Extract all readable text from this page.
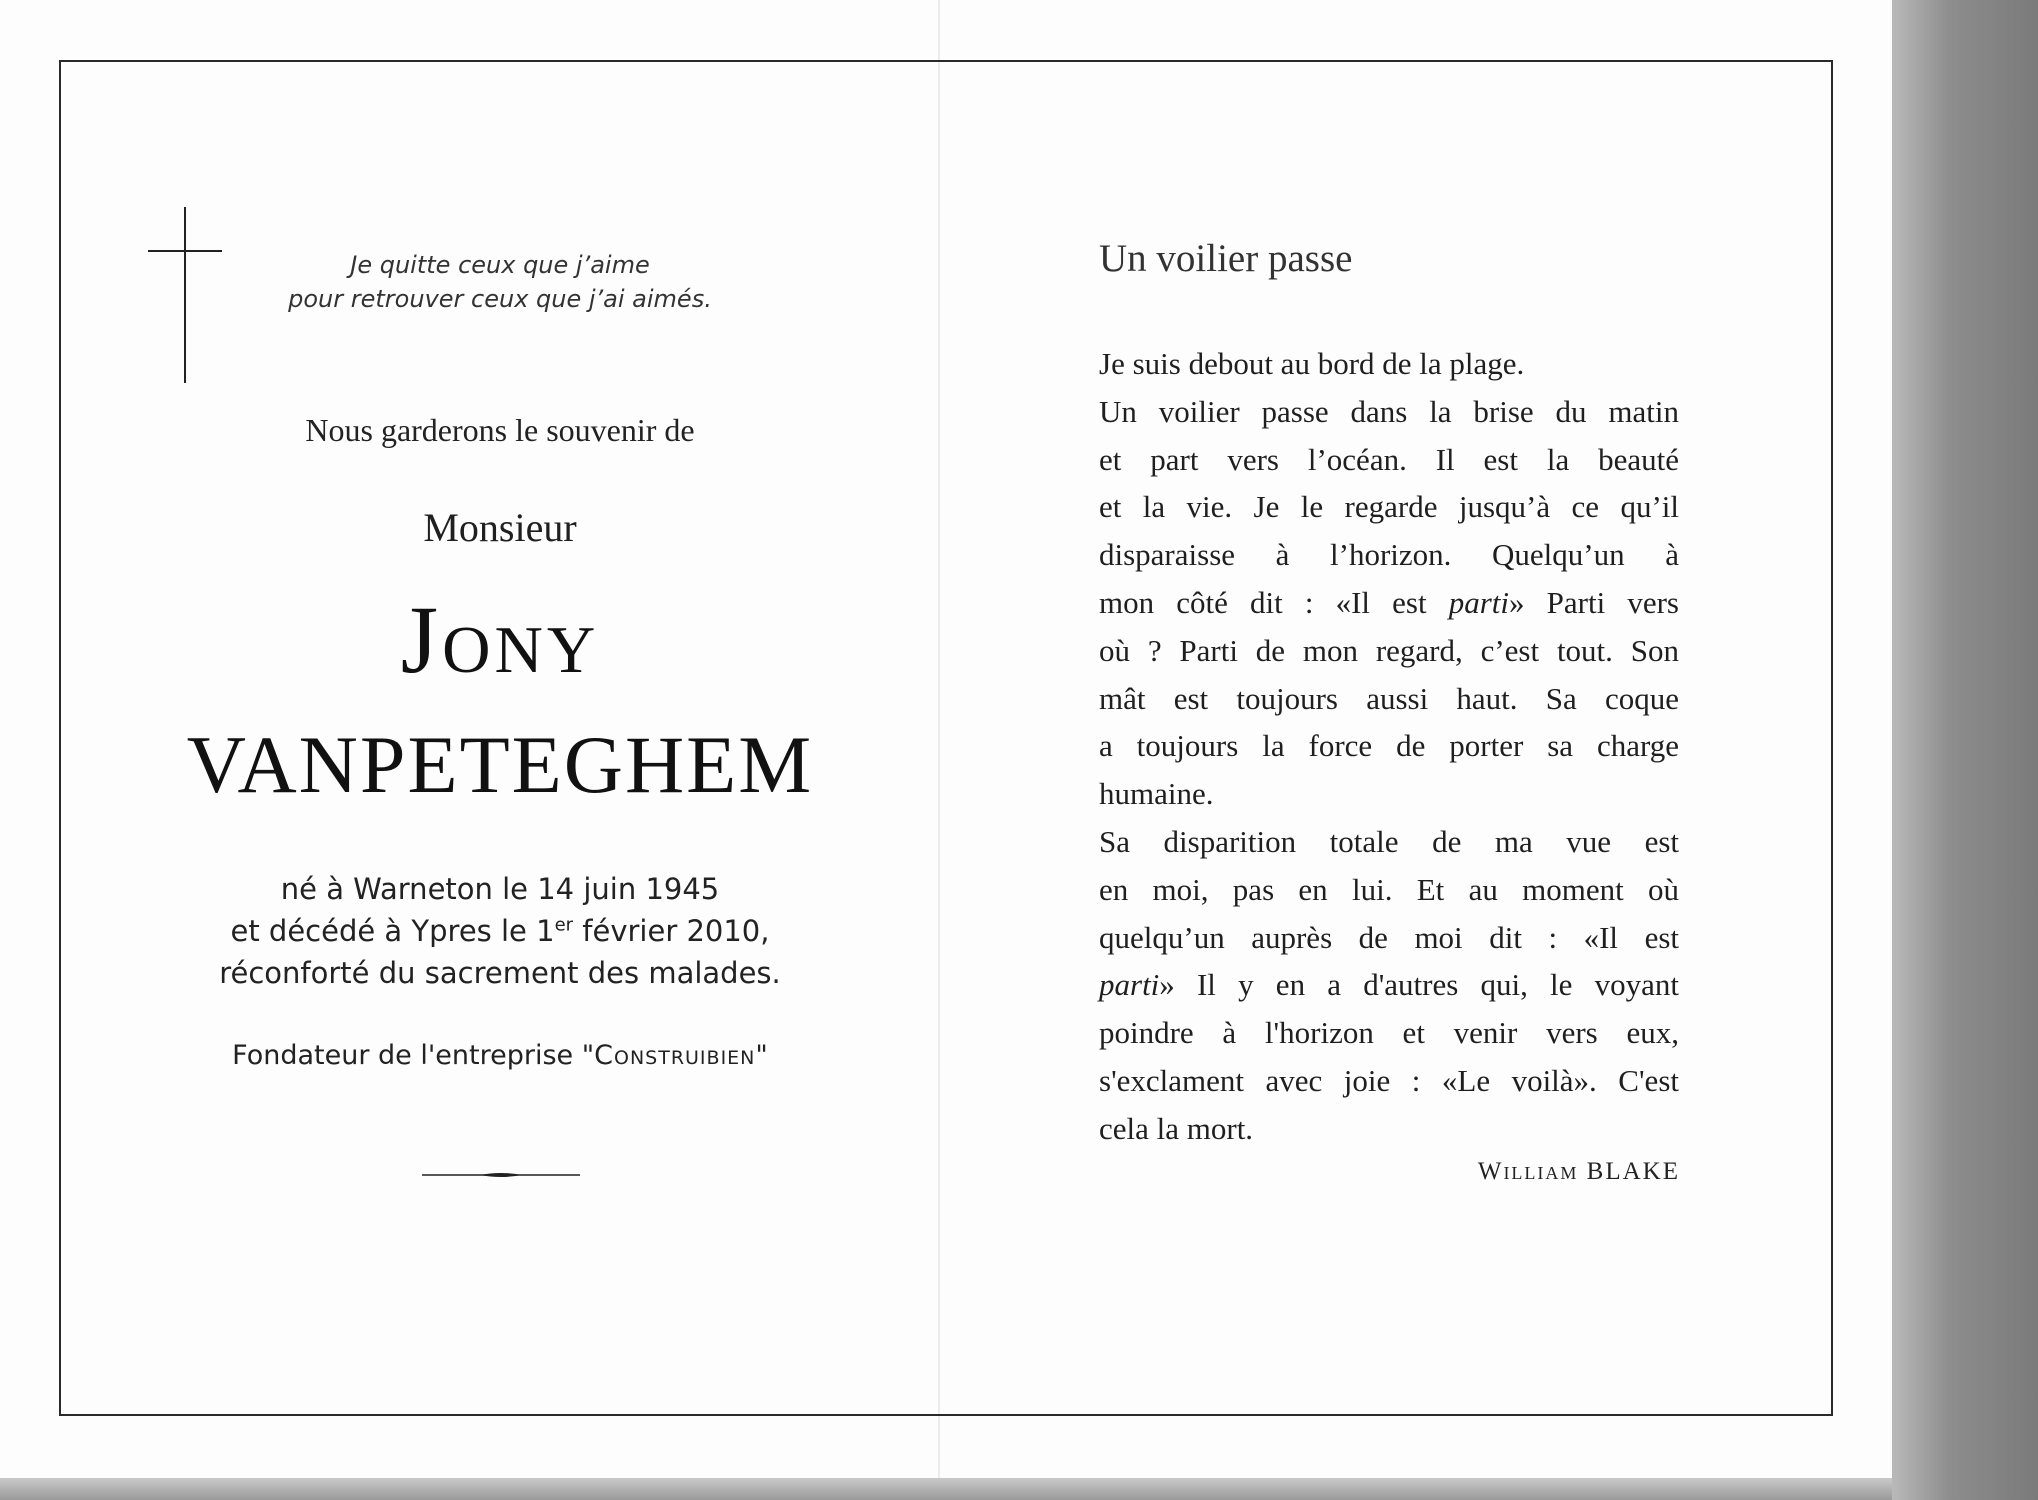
Je quitte ceux que j’aime
pour retrouver ceux que j’ai aimés.
Nous garderons le souvenir de
Monsieur
Jony
VANPETEGHEM
né à Warneton le 14 juin 1945
et décédé à Ypres le 1er février 2010,
réconforté du sacrement des malades.
Fondateur de l'entreprise "Construibien"
Un voilier passe
Je suis debout au bord de la plage.
Un voilier passe dans la brise du matin
et part vers l’océan. Il est la beauté
et la vie. Je le regarde jusqu’à ce qu’il
disparaisse à l’horizon. Quelqu’un à
mon côté dit : «Il est parti» Parti vers
où ? Parti de mon regard, c’est tout. Son
mât est toujours aussi haut. Sa coque
a toujours la force de porter sa charge
humaine.
Sa disparition totale de ma vue est
en moi, pas en lui. Et au moment où
quelqu’un auprès de moi dit : «Il est
parti» Il y en a d'autres qui, le voyant
poindre à l'horizon et venir vers eux,
s'exclament avec joie : «Le voilà». C'est
cela la mort.
William BLAKE
